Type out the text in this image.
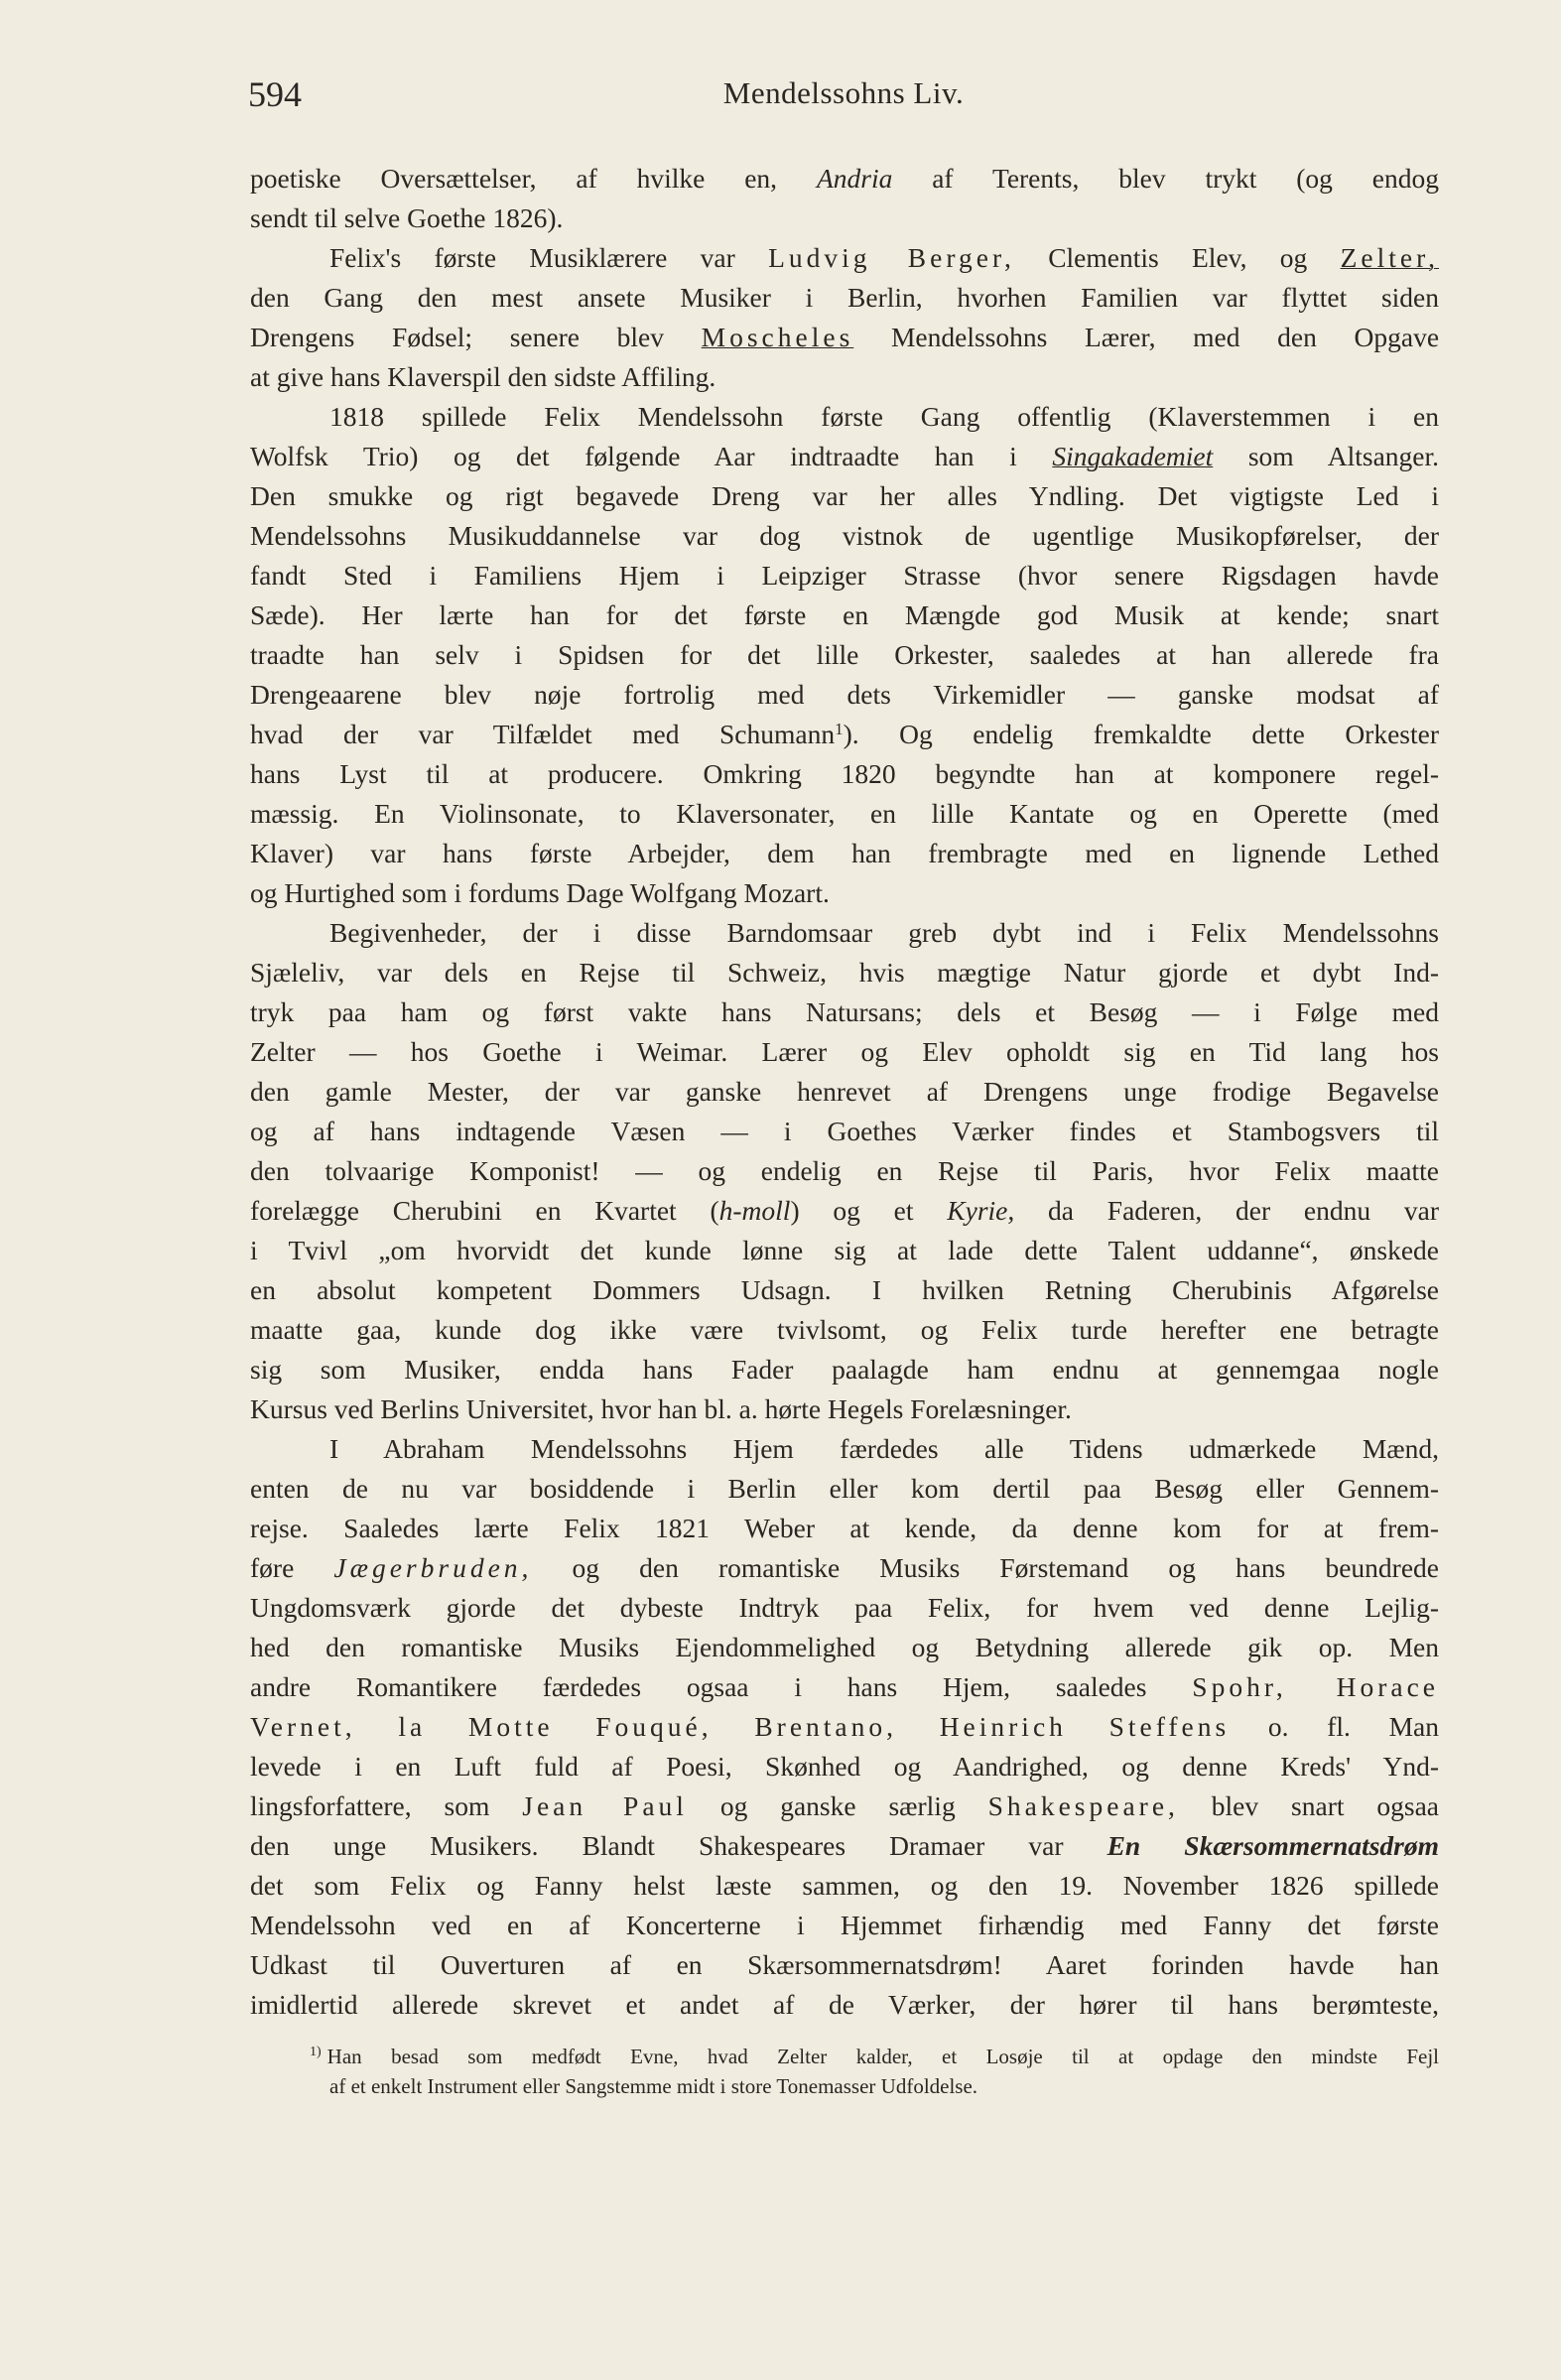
594	Mendelssohns Liv.
poetiske Oversættelser, af hvilke en, Andria af Terents, blev trykt (og endog
sendt til selve Goethe 1826).
Felix's første Musiklærere var Ludvig Berger, Clementis Elev, og Zelter,
den Gang den mest ansete Musiker i Berlin, hvorhen Familien var flyttet siden
Drengens Fødsel; senere blev Moscheles Mendelssohns Lærer, med den Opgave
at give hans Klaverspil den sidste Affiling.
1818 spillede Felix Mendelssohn første Gang offentlig (Klaverstemmen i en
Wolfsk Trio) og det følgende Aar indtraadte han i Singakademiet som Altsanger.
Den smukke og rigt begavede Dreng var her alles Yndling. Det vigtigste Led i
Mendelssohns Musikuddannelse var dog vistnok de ugentlige Musikopførelser, der
fandt Sted i Familiens Hjem i Leipziger Strasse (hvor senere Rigsdagen havde
Sæde). Her lærte han for det første en Mængde god Musik at kende; snart
traadte han selv i Spidsen for det lille Orkester, saaledes at han allerede fra
Drengeaarene blev nøje fortrolig med dets Virkemidler — ganske modsat af
hvad der var Tilfældet med Schumann$^1$). Og endelig fremkaldte dette Orkester
hans Lyst til at producere. Omkring 1820 begyndte han at komponere regel-
mæssig. En Violinsonate, to Klaversonater, en lille Kantate og en Operette (med
Klaver) var hans første Arbejder, dem han frembragte med en lignende Lethed
og Hurtighed som i fordums Dage Wolfgang Mozart.
Begivenheder, der i disse Barndomsaar greb dybt ind i Felix Mendelssohns
Sjæleliv, var dels en Rejse til Schweiz, hvis mægtige Natur gjorde et dybt Ind-
tryk paa ham og først vakte hans Natursans; dels et Besøg — i Følge med
Zelter — hos Goethe i Weimar. Lærer og Elev opholdt sig en Tid lang hos
den gamle Mester, der var ganske henrevet af Drengens unge frodige Begavelse
og af hans indtagende Væsen — i Goethes Værker findes et Stambogsvers til
den tolvaarige Komponist! — og endelig en Rejse til Paris, hvor Felix maatte
forelægge Cherubini en Kvartet (h-moll) og et Kyrie, da Faderen, der endnu var
i Tvivl „om hvorvidt det kunde lønne sig at lade dette Talent uddanne“, ønskede
en absolut kompetent Dommers Udsagn. I hvilken Retning Cherubinis Afgørelse
maatte gaa, kunde dog ikke være tvivlsomt, og Felix turde herefter ene betragte
sig som Musiker, endda hans Fader paalagde ham endnu at gennemgaa nogle
Kursus ved Berlins Universitet, hvor han bl. a. hørte Hegels Forelæsninger.
I Abraham Mendelssohns Hjem færdedes alle Tidens udmærkede Mænd,
enten de nu var bosiddende i Berlin eller kom dertil paa Besøg eller Gennem-
rejse. Saaledes lærte Felix 1821 Weber at kende, da denne kom for at frem-
føre Jægerbruden, og den romantiske Musiks Førstemand og hans beundrede
Ungdomsværk gjorde det dybeste Indtryk paa Felix, for hvem ved denne Lejlig-
hed den romantiske Musiks Ejendommelighed og Betydning allerede gik op. Men
andre Romantikere færdedes ogsaa i hans Hjem, saaledes Spohr, Horace
Vernet, la Motte Fouqué, Brentano, Heinrich Steffens o. fl. Man
levede i en Luft fuld af Poesi, Skønhed og Aandrighed, og denne Kreds' Ynd-
lingsforfattere, som Jean Paul og ganske særlig Shakespeare, blev snart ogsaa
den unge Musikers. Blandt Shakespeares Dramaer var En Skærsommernatsdrøm
det som Felix og Fanny helst læste sammen, og den 19. November 1826 spillede
Mendelssohn ved en af Koncerterne i Hjemmet firhændig med Fanny det første
Udkast til Ouverturen af en Skærsommernatsdrøm! Aaret forinden havde han
imidlertid allerede skrevet et andet af de Værker, der hører til hans berømteste,
$^{1)}$ Han besad som medfødt Evne, hvad Zelter kalder, et Losøje til at opdage den mindste Fejl
af et enkelt Instrument eller Sangstemme midt i store Tonemasser Udfoldelse.
